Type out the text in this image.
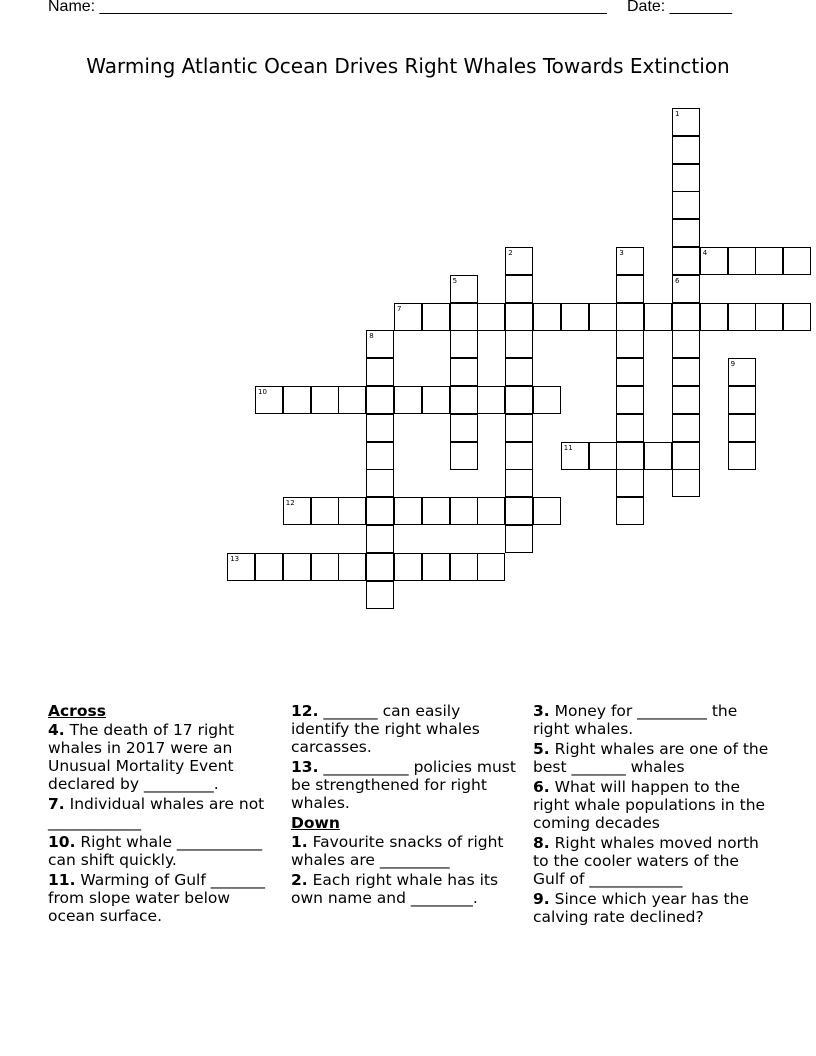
Name: _________________________________________________________ Date: _______
Warming Atlantic Ocean Drives Right Whales Towards Extinction
1
6
2	3	4
5
7
8
9
10
11
12
13
Across
4. The death of 17 right whales in 2017 were an Unusual Mortality Event declared by _________.
7. Individual whales are not ____________
10. Right whale ___________ can shift quickly.
11. Warming of Gulf _______ from slope water below ocean surface.
12. _______ can easily identify the right whales carcasses.
13. ___________ policies must be strengthened for right whales.
Down
1. Favourite snacks of right whales are _________
2. Each right whale has its own name and ________.
3. Money for _________ the right whales.
5. Right whales are one of the best _______ whales
6. What will happen to the right whale populations in the coming decades
8. Right whales moved north to the cooler waters of the Gulf of ____________
9. Since which year has the calving rate declined?
